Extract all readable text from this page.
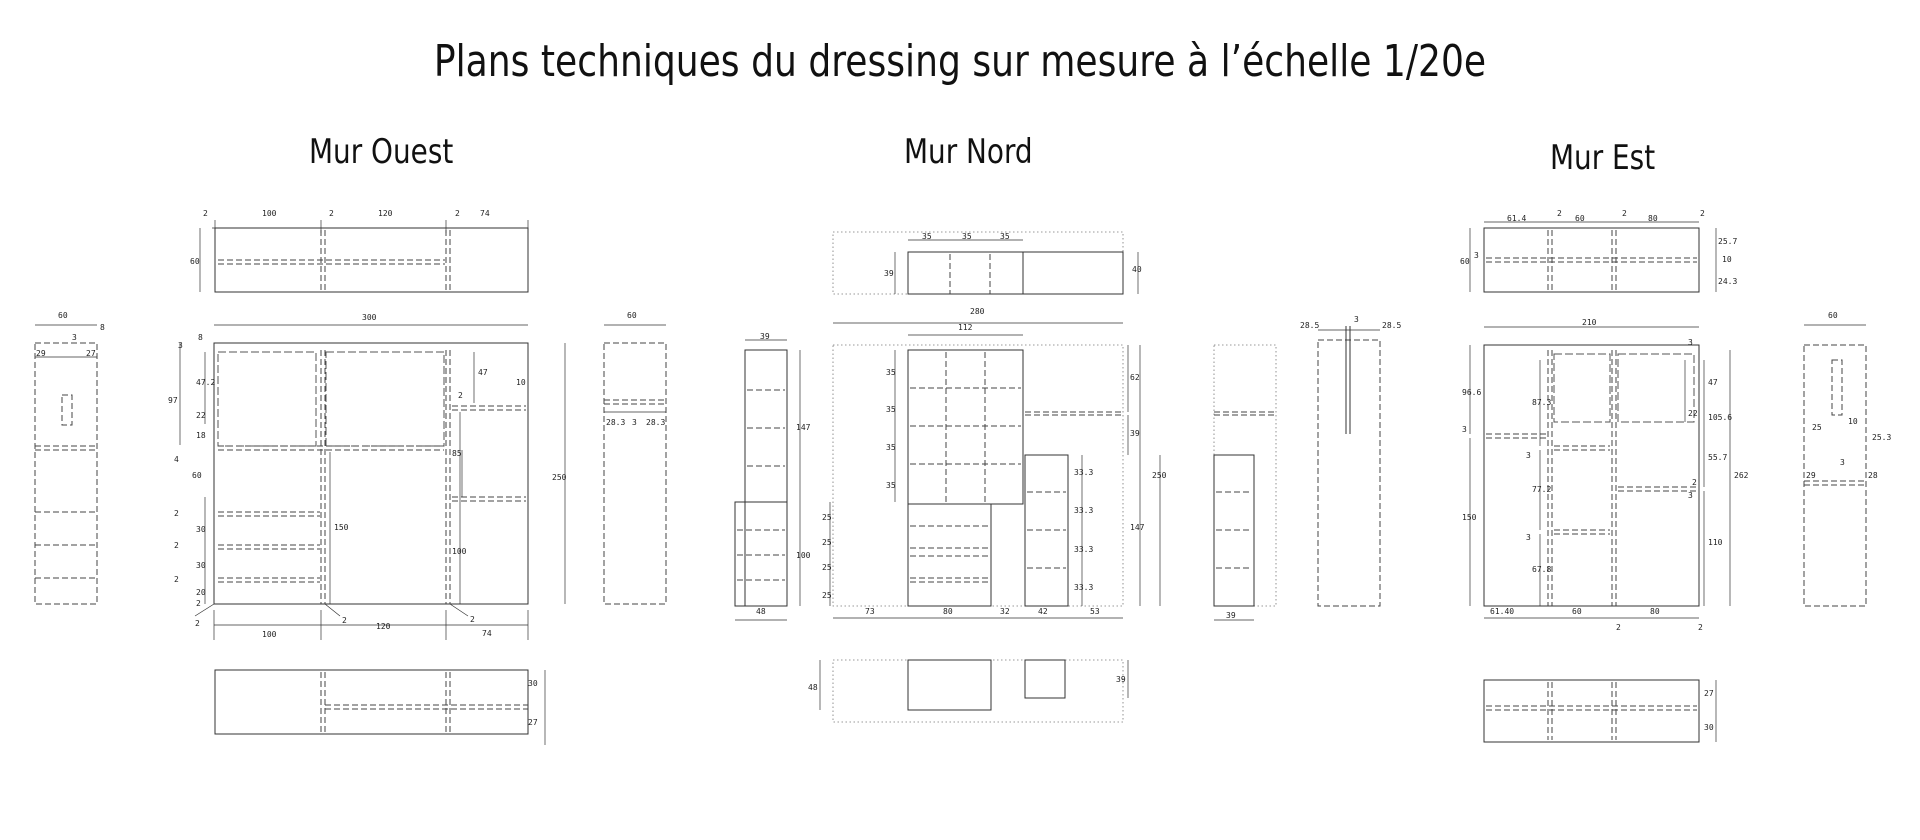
Plans techniques du dressing sur mesure à l’échelle 1/20e
Mur Ouest	Mur Nord	Mur Est
2	100	2	120	2	74
60
300
250
3
8
97
47.2
22
18
4
60
30
2
30
2
2
20
2
150
85
47
10
2
100
2
100
2
120
2
74
60
3
8
29	27
60
28.3 3 28.3
30
27
35	35	35
39	40
280
112
39
147
100
48
35
35
35
35
25
25
25
25
62
39
250
147
33.3
33.3
33.3
33.3
73	80	32	42	53	39
28.5
3
28.5
48
39
61.4
2
60
2
80
2
60
3
25.7
10
24.3
210
96.6
3
87.3
3
77.2
3
67.8
150
3
47
22 105.6
55.7
2
110
262
3
61.40	60	80
2	2
60
25
10
3
25.3
29	28
27
30
